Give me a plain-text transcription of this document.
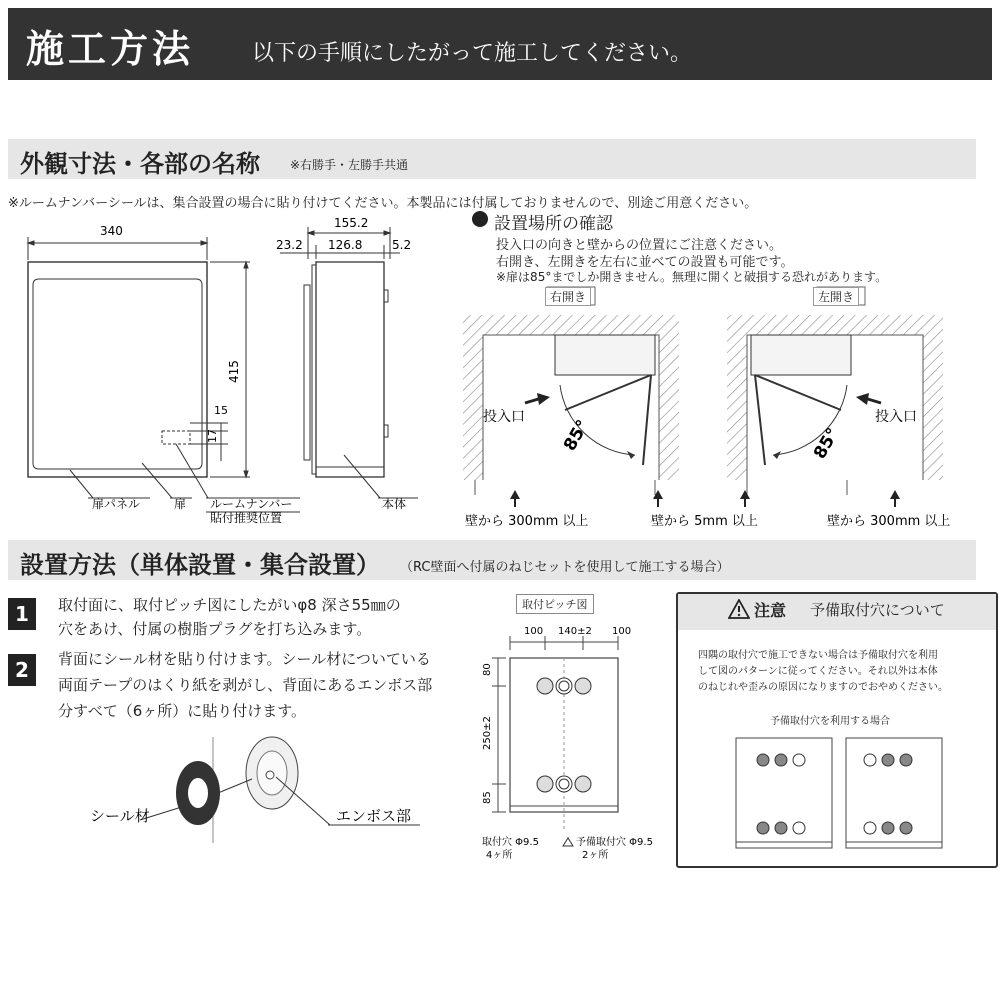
施工方法	以下の手順にしたがって施工してください。
外観寸法・各部の名称	※右勝手・左勝手共通
※ルームナンバーシールは、集合設置の場合に貼り付けてください。本製品には付属しておりませんので、別途ご用意ください。
340
415
15
17
扉パネル	扉 ルームナンバー
貼付推奨位置
155.2
23.2 126.8 5.2
本体
設置場所の確認
投入口の向きと壁からの位置にご注意ください。
右開き、左開きを左右に並べての設置も可能です。
※扉は85°までしか開きません。無理に開くと破損する恐れがあります。
投入口	投入口
85°	85°
壁から 300mm 以上	壁から 5mm 以上	壁から 300mm 以上
右開き	左開き
設置方法（単体設置・集合設置） （RC壁面へ付属のねじセットを使用して施工する場合）
1	取付面に、取付ピッチ図にしたがいφ8 深さ55㎜の
穴をあけ、付属の樹脂プラグを打ち込みます。
2	背面にシール材を貼り付けます。シール材についている
両面テープのはくり紙を剥がし、背面にあるエンボス部
分すべて（6ヶ所）に貼り付けます。
シール材	エンボス部
取付ピッチ図
100 140±2 100
80
250±2
85
取付穴 Φ9.5
4ヶ所
予備取付穴 Φ9.5
2ヶ所
注意 予備取付穴について
四隅の取付穴で施工できない場合は予備取付穴を利用
して図のパターンに従ってください。それ以外は本体
のねじれや歪みの原因になりますのでおやめください。
予備取付穴を利用する場合
